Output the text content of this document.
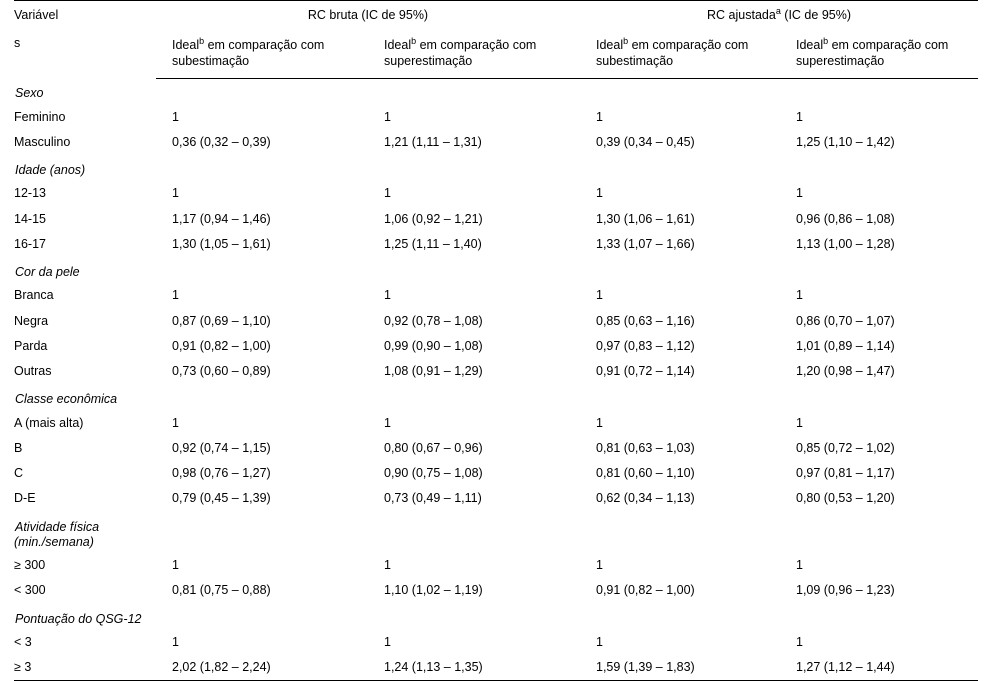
Variável
s	RC bruta (IC de 95%)		RC ajustada$^a$ (IC de 95%)	

	Ideal$^b$ em comparação com subestimação	Ideal$^b$ em comparação com superestimação	Ideal$^b$ em comparação com subestimação	Ideal$^b$ em comparação com superestimação

Sexo				
Feminino	1	1	1	1

Masculino	0,36 (0,32 – 0,39)	1,21 (1,11 – 1,31)	0,39 (0,34 – 0,45)	1,25 (1,10 – 1,42)

Idade (anos)				
12-13	1	1	1	1

14-15	1,17 (0,94 – 1,46)	1,06 (0,92 – 1,21)	1,30 (1,06 – 1,61)	0,96 (0,86 – 1,08)

16-17	1,30 (1,05 – 1,61)	1,25 (1,11 – 1,40)	1,33 (1,07 – 1,66)	1,13 (1,00 – 1,28)

Cor da pele				
Branca	1	1	1	1

Negra	0,87 (0,69 – 1,10)	0,92 (0,78 – 1,08)	0,85 (0,63 – 1,16)	0,86 (0,70 – 1,07)

Parda	0,91 (0,82 – 1,00)	0,99 (0,90 – 1,08)	0,97 (0,83 – 1,12)	1,01 (0,89 – 1,14)

Outras	0,73 (0,60 – 0,89)	1,08 (0,91 – 1,29)	0,91 (0,72 – 1,14)	1,20 (0,98 – 1,47)

Classe econômica				
A (mais alta)	1	1	1	1

B	0,92 (0,74 – 1,15)	0,80 (0,67 – 0,96)	0,81 (0,63 – 1,03)	0,85 (0,72 – 1,02)

C	0,98 (0,76 – 1,27)	0,90 (0,75 – 1,08)	0,81 (0,60 – 1,10)	0,97 (0,81 – 1,17)

D-E	0,79 (0,45 – 1,39)	0,73 (0,49 – 1,11)	0,62 (0,34 – 1,13)	0,80 (0,53 – 1,20)

Atividade física (min./semana)				
≥ 300	1	1	1	1

< 300	0,81 (0,75 – 0,88)	1,10 (1,02 – 1,19)	0,91 (0,82 – 1,00)	1,09 (0,96 – 1,23)

Pontuação do QSG-12				
< 3	1	1	1	1

≥ 3	2,02 (1,82 – 2,24)	1,24 (1,13 – 1,35)	1,59 (1,39 – 1,83)	1,27 (1,12 – 1,44)
